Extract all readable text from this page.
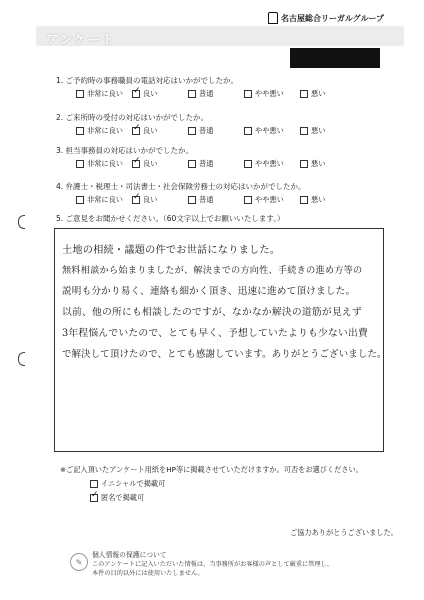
名古屋総合リーガルグループ
アンケート
1. ご予約時の事務職員の電話対応はいかがでしたか。
非常に良い ✓	良い	普通	やや悪い	悪い
2. ご来所時の受付の対応はいかがでしたか。
非常に良い ✓	良い	普通	やや悪い	悪い
3. 担当事務員の対応はいかがでしたか。
非常に良い ✓	良い	普通	やや悪い	悪い
4. 弁護士・税理士・司法書士・社会保険労務士の対応はいかがでしたか。
非常に良い ✓	良い	普通	やや悪い	悪い
5. ご意見をお聞かせください。（60文字以上でお願いいたします。）
土地の相続・議題の件でお世話になりました。
無料相談から始まりましたが、解決までの方向性、手続きの進め方等の
説明も分かり易く、連絡も細かく頂き、迅速に進めて頂けました。
以前、他の所にも相談したのですが、なかなか解決の道筋が見えず
3年程悩んでいたので、とても早く、予想していたよりも少ない出費
で解決して頂けたので、とても感謝しています。ありがとうございました。
※ご記入頂いたアンケート用紙をHP等に掲載させていただけますか。可否をお選びください。
イニシャルで掲載可
✓
匿名で掲載可
ご協力ありがとうございました。
✎
個人情報の保護について
このアンケートに記入いただいた情報は、当事務所がお客様の声として厳重に管理し、
本件の目的以外には使用いたしません。
